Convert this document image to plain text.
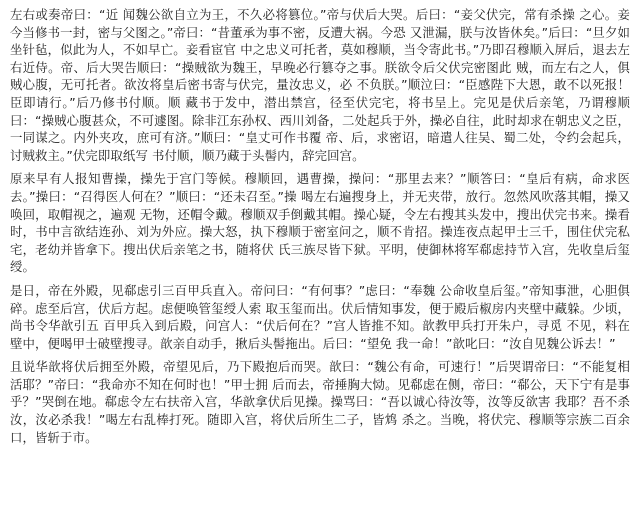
左右或奏帝曰：“近 闻魏公欲自立为王，不久必将篡位。”帝与伏后大哭。后曰：“妾父伏完，常有杀操 之心。妾今当修书一封，密与父图之。”帝曰：“昔董承为事不密，反遭大祸。今恐 又泄漏，朕与汝皆休矣。”后曰：“旦夕如坐针毡，似此为人，不如早亡。妾看宦官 中之忠义可托者，莫如穆顺，当令寄此书。”乃即召穆顺入屏后，退去左右近侍。帝、后大哭告顺曰：“操贼欲为魏王，早晚必行篡夺之事。朕欲令后父伏完密图此 贼，而左右之人，俱贼心腹，无可托者。欲汝将皇后密书寄与伏完，量汝忠义，必 不负朕。”顺泣曰：“臣感陛下大恩，敢不以死报！臣即请行。”后乃修书付顺。顺 藏书于发中，潜出禁宫，径至伏完宅，将书呈上。完见是伏后亲笔，乃谓穆顺曰：“操贼心腹甚众，不可遽图。除非江东孙权、西川刘备，二处起兵于外，操必自往，此时却求在朝忠义之臣，一同谋之。内外夹攻，庶可有济。”顺曰：“皇丈可作书覆 帝、后，求密诏，暗遣人往吴、蜀二处，令约会起兵，讨贼救主。”伏完即取纸写 书付顺，顺乃藏于头髻内，辞完回宫。

原来早有人报知曹操，操先于宫门等候。穆顺回，遇曹操，操问：“那里去来？”顺答曰：“皇后有病，命求医去。”操曰：“召得医人何在？”顺曰：“还未召至。”操 喝左右遍搜身上，并无夹带，放行。忽然风吹落其帽，操又唤回，取帽视之，遍观 无物，还帽令戴。穆顺双手倒戴其帽。操心疑，令左右搜其头发中，搜出伏完书来。操看时，书中言欲结连孙、刘为外应。操大怒，执下穆顺于密室问之，顺不肯招。操连夜点起甲士三千，围住伏完私宅，老幼并皆拿下。搜出伏后亲笔之书，随将伏 氏三族尽皆下狱。平明，使御林将军郗虑持节入宫，先收皇后玺绶。

是日，帝在外殿，见郗虑引三百甲兵直入。帝问曰：“有何事？”虑曰：“奉魏 公命收皇后玺。”帝知事泄，心胆俱碎。虑至后宫，伏后方起。虑便唤管玺绶人索 取玉玺而出。伏后情知事发，便于殿后椒房内夹壁中藏躲。少顷，尚书令华歆引五 百甲兵入到后殿，问宫人：“伏后何在？”宫人皆推不知。歆教甲兵打开朱户，寻觅 不见，料在壁中，便喝甲士破壁搜寻。歆亲自动手，揪后头髻拖出。后曰：“望免 我一命！”歆叱曰：“汝自见魏公诉去！”

且说华歆将伏后拥至外殿，帝望见后，乃下殿抱后而哭。歆曰：“魏公有命，可速行！”后哭谓帝曰：“不能复相活耶？”帝曰：“我命亦不知在何时也！”甲士拥 后而去，帝捶胸大恸。见郗虑在侧，帝曰：“郗公，天下宁有是事乎？”哭倒在地。郗虑令左右扶帝入宫，华歆拿伏后见操。操骂曰：“吾以诚心待汝等，汝等反欲害 我耶？吾不杀汝，汝必杀我！”喝左右乱棒打死。随即入宫，将伏后所生二子，皆鸩 杀之。当晚，将伏完、穆顺等宗族二百余口，皆斩于市。
